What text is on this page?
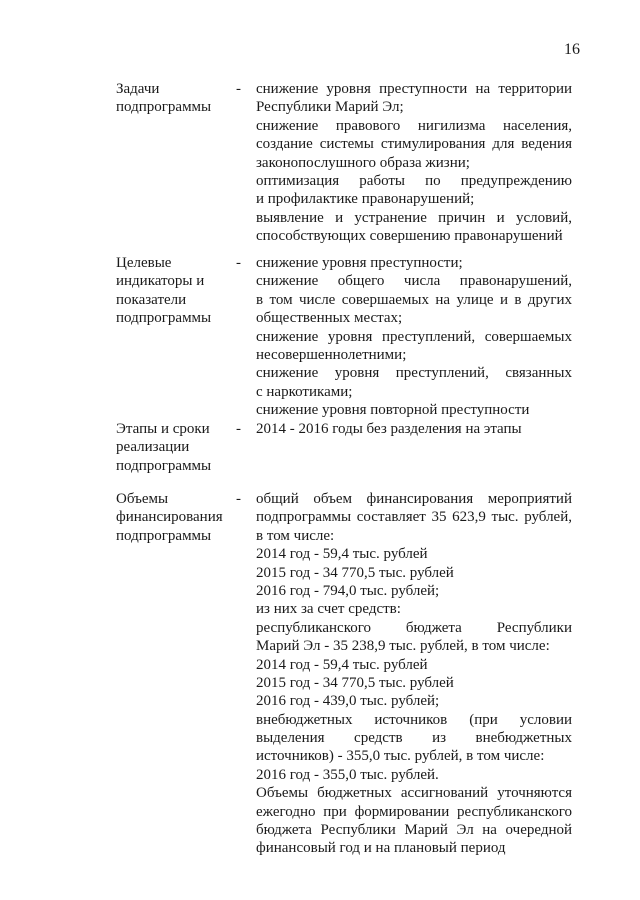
16
Задачи
подпрограммы
-	снижение уровня преступности на территории
Республики Марий Эл;
снижение правового нигилизма населения,
создание системы стимулирования для ведения
законопослушного образа жизни;
оптимизация работы по предупреждению
и профилактике правонарушений;
выявление и устранение причин и условий,
способствующих совершению правонарушений
Целевые
индикаторы и
показатели
подпрограммы
-	снижение уровня преступности;
снижение общего числа правонарушений,
в том числе совершаемых на улице и в других
общественных местах;
снижение уровня преступлений, совершаемых
несовершеннолетними;
снижение уровня преступлений, связанных
с наркотиками;
снижение уровня повторной преступности
Этапы и сроки
реализации
подпрограммы
-	2014 - 2016 годы без разделения на этапы
Объемы
финансирования
подпрограммы
-	общий объем финансирования мероприятий
подпрограммы составляет 35 623,9 тыс. рублей,
в том числе:
2014 год - 59,4 тыс. рублей
2015 год - 34 770,5 тыс. рублей
2016 год - 794,0 тыс. рублей;
из них за счет средств:
республиканского бюджета Республики
Марий Эл - 35 238,9 тыс. рублей, в том числе:
2014 год - 59,4 тыс. рублей
2015 год - 34 770,5 тыс. рублей
2016 год - 439,0 тыс. рублей;
внебюджетных источников (при условии
выделения средств из внебюджетных
источников) - 355,0 тыс. рублей, в том числе:
2016 год - 355,0 тыс. рублей.
Объемы бюджетных ассигнований уточняются
ежегодно при формировании республиканского
бюджета Республики Марий Эл на очередной
финансовый год и на плановый период
